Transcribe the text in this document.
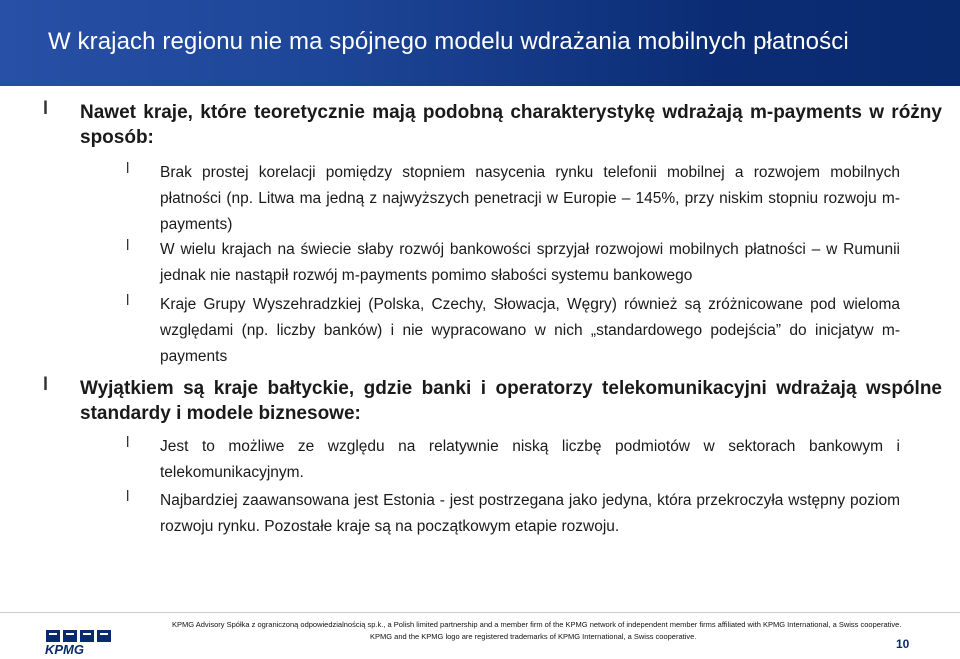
W krajach regionu nie ma spójnego modelu wdrażania mobilnych płatności
l Nawet kraje, które teoretycznie mają podobną charakterystykę wdrażają m-payments w różny sposób:
l Brak prostej korelacji pomiędzy stopniem nasycenia rynku telefonii mobilnej a rozwojem mobilnych płatności (np. Litwa ma jedną z najwyższych penetracji w Europie – 145%, przy niskim stopniu rozwoju m-payments)
l W wielu krajach na świecie słaby rozwój bankowości sprzyjał rozwojowi mobilnych płatności – w Rumunii jednak nie nastąpił rozwój m-payments pomimo słabości systemu bankowego
l Kraje Grupy Wyszehradzkiej (Polska, Czechy, Słowacja, Węgry) również są zróżnicowane pod wieloma względami (np. liczby banków) i nie wypracowano w nich „standardowego podejścia” do inicjatyw m-payments
l Wyjątkiem są kraje bałtyckie, gdzie banki i operatorzy telekomunikacyjni wdrażają wspólne standardy i modele biznesowe:
l Jest to możliwe ze względu na relatywnie niską liczbę podmiotów w sektorach bankowym i telekomunikacyjnym.
l Najbardziej zaawansowana jest Estonia - jest postrzegana jako jedyna, która przekroczyła wstępny poziom rozwoju rynku. Pozostałe kraje są na początkowym etapie rozwoju.
KPMG
KPMG Advisory Spółka z ograniczoną odpowiedzialnością sp.k., a Polish limited partnership and a member firm of the KPMG network of independent member firms affiliated with KPMG International, a Swiss cooperative.
KPMG and the KPMG logo are registered trademarks of KPMG International, a Swiss cooperative.
10
